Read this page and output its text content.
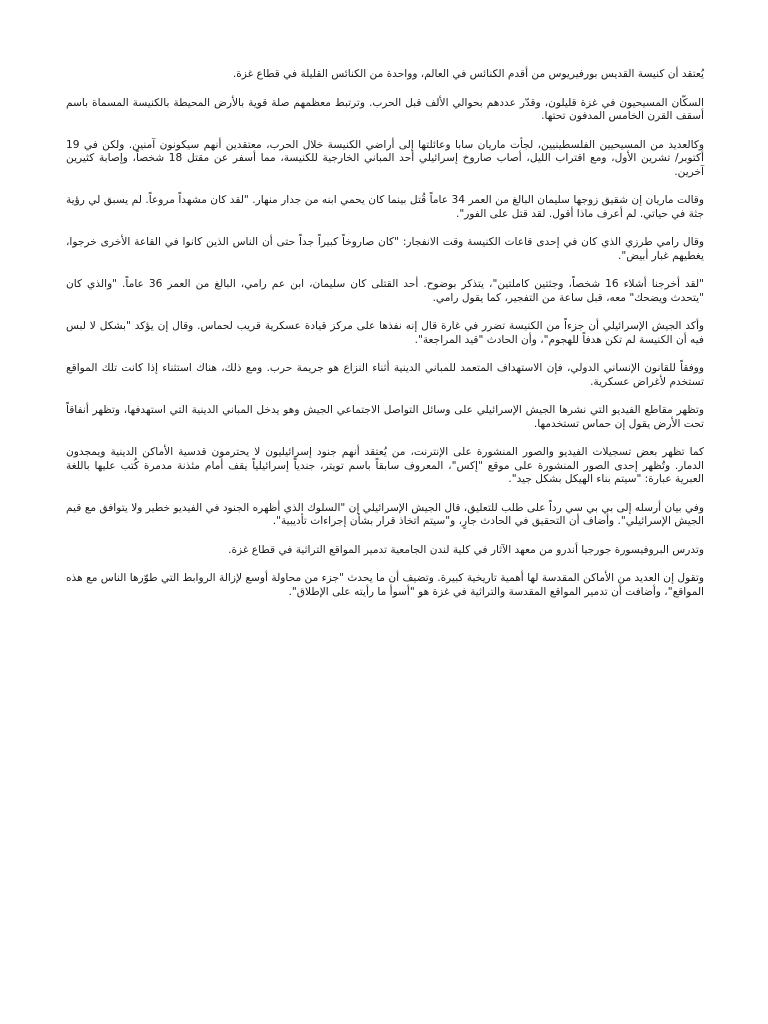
يُعتقد أن كنيسة القديس بورفيريوس من أقدم الكنائس في العالم، وواحدة من الكنائس القليلة في قطاع غزة.

السكّان المسيحيون في غزة قليلون، وقدّر عددهم بحوالي الألف قبل الحرب. وترتبط معظمهم صلة قوية بالأرض المحيطة بالكنيسة المسماة باسم أسقف القرن الخامس المدفون تحتها.

وكالعديد من المسيحيين الفلسطينيين، لجأت ماريان سابا وعائلتها إلى أراضي الكنيسة خلال الحرب، معتقدين أنهم سيكونون آمنين. ولكن في 19 أكتوبر/ تشرين الأول، ومع اقتراب الليل، أصاب صاروخ إسرائيلي أحد المباني الخارجية للكنيسة، مما أسفر عن مقتل 18 شخصاً، وإصابة كثيرين آخرين.

وقالت ماريان إن شقيق زوجها سليمان البالغ من العمر 34 عاماً قُتل بينما كان يحمي ابنه من جدار منهار. "لقد كان مشهداً مروعاً. لم يسبق لي رؤية جثة في حياتي. لم أعرف ماذا أقول. لقد قتل على الفور".

وقال رامي طرزي الذي كان في إحدى قاعات الكنيسة وقت الانفجار: "كان صاروخاً كبيراً جداً حتى أن الناس الذين كانوا في القاعة الأخرى خرجوا، يغطيهم غبار أبيض".

"لقد أخرجنا أشلاء 16 شخصاً، وجثتين كاملتين"، يتذكر بوضوح. أحد القتلى كان سليمان، ابن عم رامي، البالغ من العمر 36 عاماً. "والذي كان "يتحدث ويضحك" معه، قبل ساعة من التفجير، كما يقول رامي.

وأكد الجيش الإسرائيلي أن جزءاً من الكنيسة تضرر في غارة قال إنه نفذها على مركز قيادة عسكرية قريب لحماس. وقال إن يؤكد "بشكل لا لبس فيه أن الكنيسة لم تكن هدفاً للهجوم"، وأن الحادث "قيد المراجعة".

ووفقاً للقانون الإنساني الدولي، فإن الاستهداف المتعمد للمباني الدينية أثناء النزاع هو جريمة حرب. ومع ذلك، هناك استثناء إذا كانت تلك المواقع تستخدم لأغراض عسكرية.

وتظهر مقاطع الفيديو التي نشرها الجيش الإسرائيلي على وسائل التواصل الاجتماعي الجيش وهو يدخل المباني الدينية التي استهدفها، وتظهر أنفاقاً تحت الأرض يقول إن حماس تستخدمها.

كما تظهر بعض تسجيلات الفيديو والصور المنشورة على الإنترنت، من يُعتقد أنهم جنود إسرائيليون لا يحترمون قدسية الأماكن الدينية ويمجدون الدمار. وتُظهر إحدى الصور المنشورة على موقع "إكس"، المعروف سابقاً باسم تويتر، جندياً إسرائيلياً يقف أمام مئذنة مدمرة كُتب عليها باللغة العبرية عبارة: "سيتم بناء الهيكل بشكل جيد".

وفي بيان أرسله إلى بي بي سي رداً على طلب للتعليق، قال الجيش الإسرائيلي إن "السلوك الذي أظهره الجنود في الفيديو خطير ولا يتوافق مع قيم الجيش الإسرائيلي". وأضاف أن التحقيق في الحادث جارٍ، و"سيتم اتخاذ قرار بشأن إجراءات تأديبية".

وتدرس البروفيسورة جورجيا أندرو من معهد الآثار في كلية لندن الجامعية تدمير المواقع التراثية في قطاع غزة.

وتقول إن العديد من الأماكن المقدسة لها أهمية تاريخية كبيرة. وتضيف أن ما يحدث "جزء من محاولة أوسع لإزالة الروابط التي طوّرها الناس مع هذه المواقع"، وأضافت أن تدمير المواقع المقدسة والتراثية في غزة هو "أسوأ ما رأيته على الإطلاق".
